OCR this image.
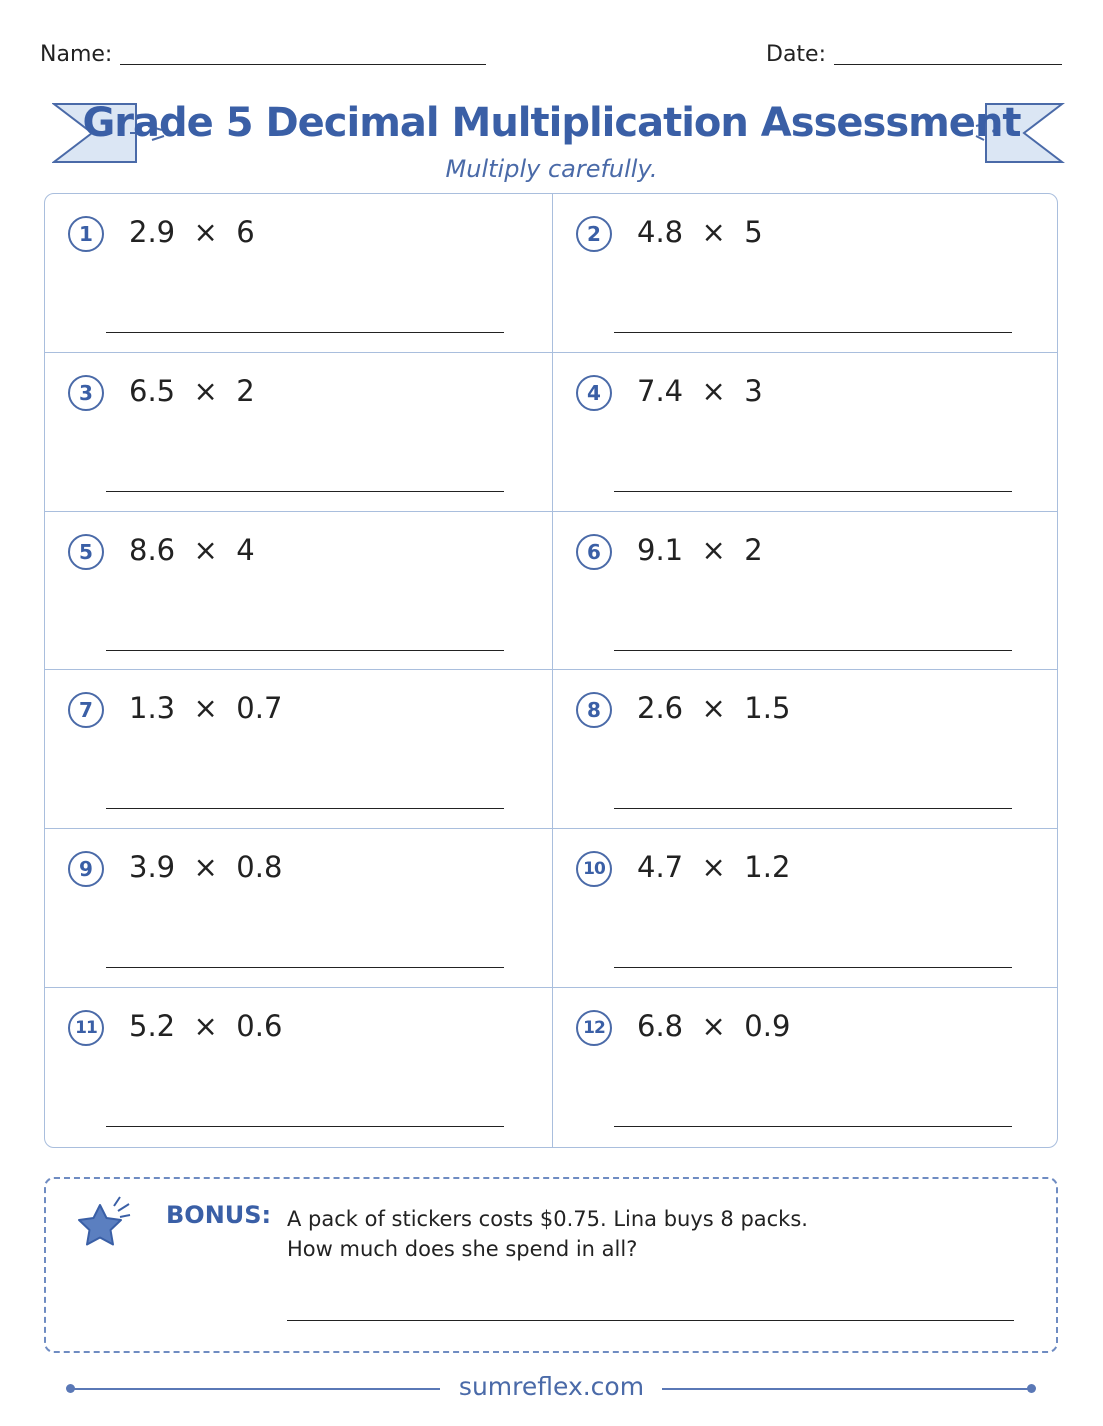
Name:	Date:
Grade 5 Decimal Multiplication Assessment
Multiply carefully.
1	2.9  ×  6	2	4.8  ×  5
3	6.5  ×  2	4	7.4  ×  3
5	8.6  ×  4	6	9.1  ×  2
7	1.3  ×  0.7	8	2.6  ×  1.5
9	3.9  ×  0.8	10 4.7  ×  1.2
11 5.2  ×  0.6	12 6.8  ×  0.9
BONUS: A pack of stickers costs $0.75. Lina buys 8 packs.
How much does she spend in all?
sumreflex.com
